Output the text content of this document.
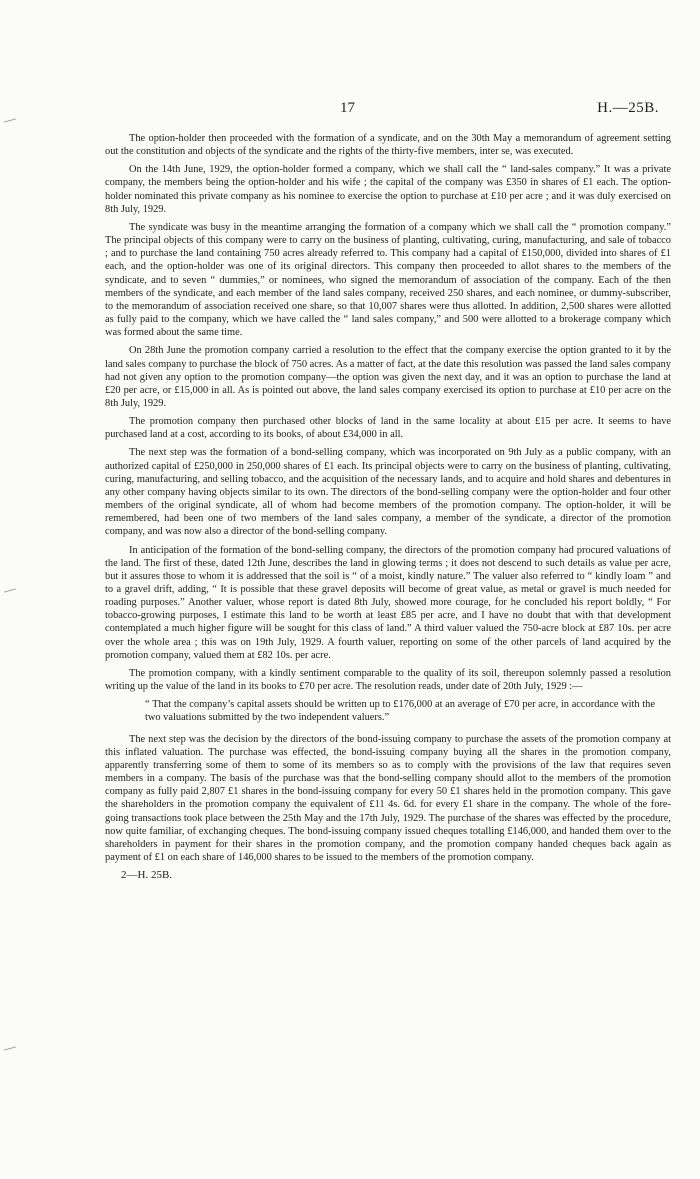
17	H.—25B.

The option-holder then proceeded with the formation of a syndicate, and on the 30th May a memorandum of agreement setting out the constitution and objects of the syndicate and the rights of the thirty-five members, inter se, was executed.

On the 14th June, 1929, the option-holder formed a company, which we shall call the “ land-sales company.” It was a private company, the members being the option-holder and his wife ; the capital of the company was £350 in shares of £1 each. The option-holder nominated this private company as his nominee to exercise the option to purchase at £10 per acre ; and it was duly exercised on 8th July, 1929.

The syndicate was busy in the meantime arranging the formation of a company which we shall call the “ promotion company.” The principal objects of this company were to carry on the business of planting, cultivating, curing, manufacturing, and sale of tobacco ; and to purchase the land containing 750 acres already referred to. This company had a capital of £150,000, divided into shares of £1 each, and the option-holder was one of its original directors. This company then proceeded to allot shares to the members of the syndicate, and to seven “ dummies,” or nominees, who signed the memorandum of association of the company. Each of the then members of the syndicate, and each member of the land sales company, received 250 shares, and each nominee, or dummy-subscriber, to the memorandum of association received one share, so that 10,007 shares were thus allotted. In addition, 2,500 shares were allotted as fully paid to the company, which we have called the “ land sales company,” and 500 were allotted to a brokerage company which was formed about the same time.

On 28th June the promotion company carried a resolution to the effect that the company exercise the option granted to it by the land sales company to purchase the block of 750 acres. As a matter of fact, at the date this resolution was passed the land sales company had not given any option to the promotion company—the option was given the next day, and it was an option to purchase the land at £20 per acre, or £15,000 in all. As is pointed out above, the land sales company exercised its option to purchase at £10 per acre on the 8th July, 1929.

The promotion company then purchased other blocks of land in the same locality at about £15 per acre. It seems to have purchased land at a cost, according to its books, of about £34,000 in all.

The next step was the formation of a bond-selling company, which was incorporated on 9th July as a public company, with an authorized capital of £250,000 in 250,000 shares of £1 each. Its principal objects were to carry on the business of planting, cultivating, curing, manufacturing, and selling tobacco, and the acquisition of the necessary lands, and to acquire and hold shares and debentures in any other company having objects similar to its own. The directors of the bond-selling company were the option-holder and four other members of the original syndicate, all of whom had become members of the promotion company. The option-holder, it will be remembered, had been one of two members of the land sales company, a member of the syndicate, a director of the promotion company, and was now also a director of the bond-selling company.

In anticipation of the formation of the bond-selling company, the directors of the promotion company had procured valuations of the land. The first of these, dated 12th June, describes the land in glowing terms ; it does not descend to such details as value per acre, but it assures those to whom it is addressed that the soil is “ of a moist, kindly nature.” The valuer also referred to “ kindly loam ” and to a gravel drift, adding, “ It is possible that these gravel deposits will become of great value, as metal or gravel is much needed for roading purposes.” Another valuer, whose report is dated 8th July, showed more courage, for he concluded his report boldly, “ For tobacco-growing purposes, I estimate this land to be worth at least £85 per acre, and I have no doubt that with that development contemplated a much higher figure will be sought for this class of land.” A third valuer valued the 750-acre block at £87 10s. per acre over the whole area ; this was on 19th July, 1929. A fourth valuer, reporting on some of the other parcels of land acquired by the promotion company, valued them at £82 10s. per acre.

The promotion company, with a kindly sentiment comparable to the quality of its soil, thereupon solemnly passed a resolution writing up the value of the land in its books to £70 per acre. The resolution reads, under date of 20th July, 1929 :—

“ That the company’s capital assets should be written up to £176,000 at an average of £70 per acre, in accordance with the two valuations submitted by the two independent valuers.”

The next step was the decision by the directors of the bond-issuing company to purchase the assets of the promotion company at this inflated valuation. The purchase was effected, the bond-issuing company buying all the shares in the promotion company, apparently transferring some of them to some of its members so as to comply with the provisions of the law that requires seven members in a company. The basis of the purchase was that the bond-selling company should allot to the members of the promotion company as fully paid 2,807 £1 shares in the bond-issuing company for every 50 £1 shares held in the promotion company. This gave the shareholders in the promotion company the equivalent of £11 4s. 6d. for every £1 share in the company. The whole of the fore-going transactions took place between the 25th May and the 17th July, 1929. The purchase of the shares was effected by the procedure, now quite familiar, of exchanging cheques. The bond-issuing company issued cheques totalling £146,000, and handed them over to the shareholders in payment for their shares in the promotion company, and the promotion company handed cheques back again as payment of £1 on each share of 146,000 shares to be issued to the members of the promotion company.

2—H. 25B.
